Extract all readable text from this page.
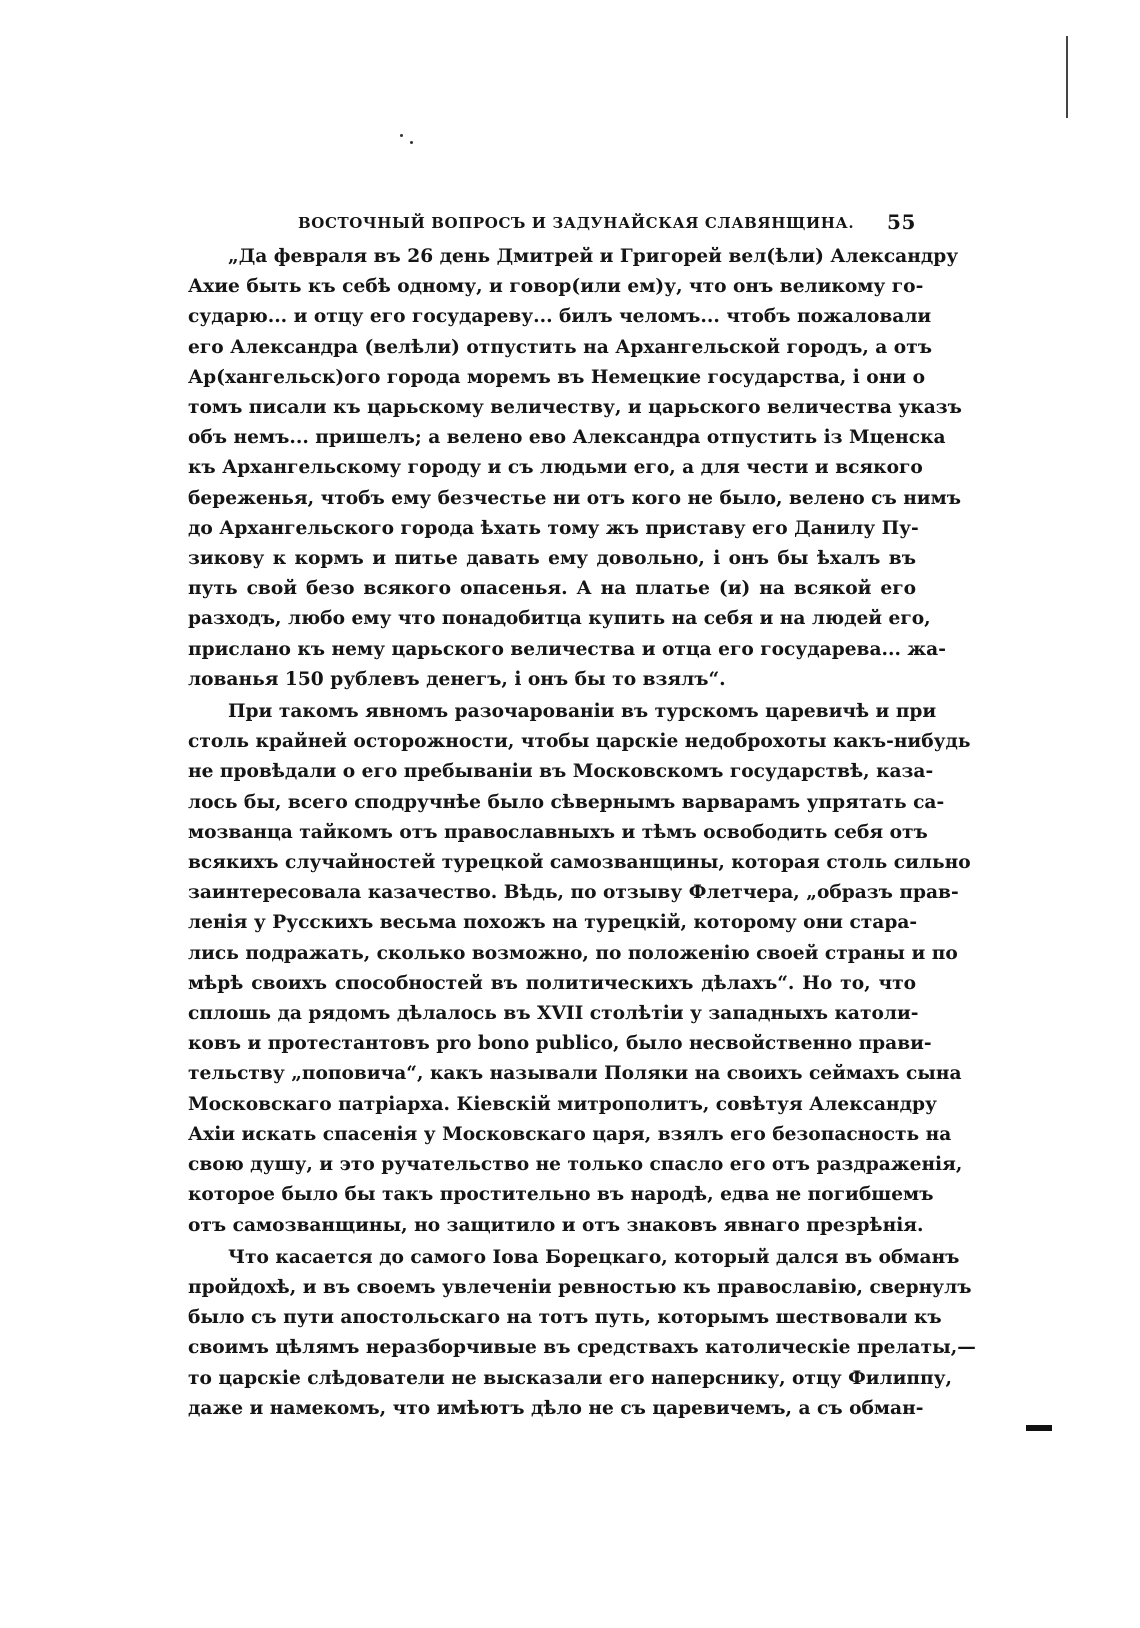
ВОСТОЧНЫЙ ВОПРОСЪ И ЗАДУНАЙСКАЯ СЛАВЯНЩИНА. 55
„Да февраля въ 26 день Дмитрей и Григорей вел(ѣли) Александру
Ахие быть къ себѣ одному, и говор(или ем)у, что онъ великому го-
сударю... и отцу его государеву... билъ челомъ... чтобъ пожаловали
его Александра (велѣли) отпустить на Архангельской городъ, а отъ
Ар(хангельск)ого города моремъ въ Немецкие государства, і они о
томъ писали къ царьскому величеству, и царьского величества указъ
объ немъ... пришелъ; а велено ево Александра отпустить із Мценска
къ Архангельскому городу и съ людьми его, а для чести и всякого
береженья, чтобъ ему безчестье ни отъ кого не было, велено съ нимъ
до Архангельского города ѣхать тому жъ приставу его Данилу Пу-
зикову к кормъ и питье давать ему довольно, і онъ бы ѣхалъ въ
путь свой безо всякого опасенья. А на платье (и) на всякой его
разходъ, любо ему что понадобитца купить на себя и на людей его,
прислано къ нему царьского величества и отца его государева... жа-
лованья 150 рублевъ денегъ, і онъ бы то взялъ“.
При такомъ явномъ разочарованіи въ турскомъ царевичѣ и при
столь крайней осторожности, чтобы царскіе недоброхоты какъ-нибудь
не провѣдали о его пребываніи въ Московскомъ государствѣ, каза-
лось бы, всего сподручнѣе было сѣвернымъ варварамъ упрятать са-
мозванца тайкомъ отъ православныхъ и тѣмъ освободить себя отъ
всякихъ случайностей турецкой самозванщины, которая столь сильно
заинтересовала казачество. Вѣдь, по отзыву Флетчера, „образъ прав-
ленія у Русскихъ весьма похожъ на турецкій, которому они стара-
лись подражать, сколько возможно, по положенію своей страны и по
мѣрѣ своихъ способностей въ политическихъ дѣлахъ“. Но то, что
сплошь да рядомъ дѣлалось въ XVII столѣтіи у западныхъ католи-
ковъ и протестантовъ pro bono publico, было несвойственно прави-
тельству „поповича“, какъ называли Поляки на своихъ сеймахъ сына
Московскаго патріарха. Кіевскій митрополитъ, совѣтуя Александру
Ахіи искать спасенія у Московскаго царя, взялъ его безопасность на
свою душу, и это ручательство не только спасло его отъ раздраженія,
которое было бы такъ простительно въ народѣ, едва не погибшемъ
отъ самозванщины, но защитило и отъ знаковъ явнаго презрѣнія.
Что касается до самого Іова Борецкаго, который дался въ обманъ
пройдохѣ, и въ своемъ увлеченіи ревностью къ православію, свернулъ
было съ пути апостольскаго на тотъ путь, которымъ шествовали къ
своимъ цѣлямъ неразборчивые въ средствахъ католическіе прелаты,—
то царскіе слѣдователи не высказали его наперснику, отцу Филиппу,
даже и намекомъ, что имѣютъ дѣло не съ царевичемъ, а съ обман-
